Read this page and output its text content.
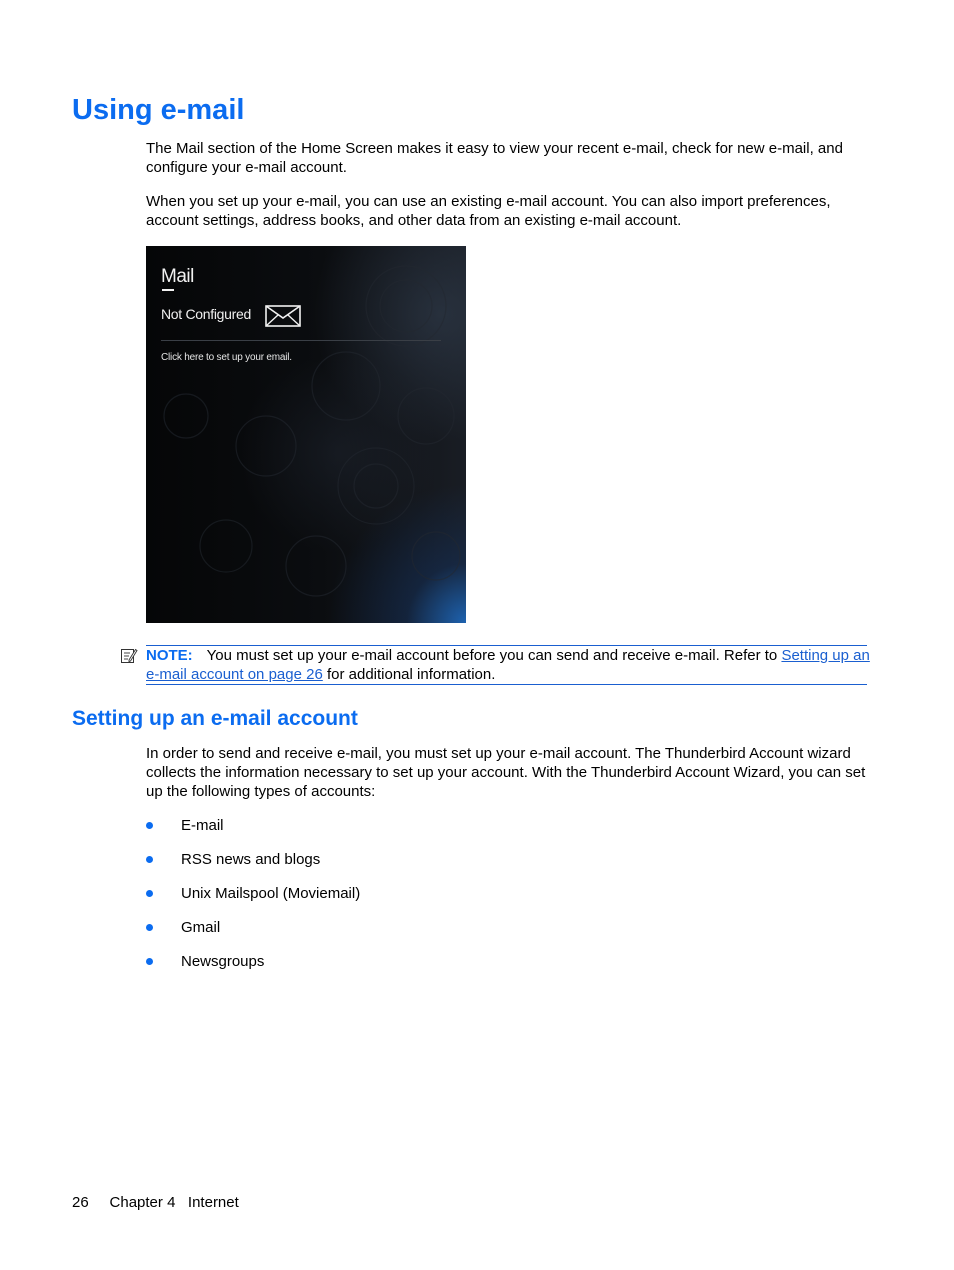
Using e-mail

The Mail section of the Home Screen makes it easy to view your recent e-mail, check for new e-mail, and configure your e-mail account.

When you set up your e-mail, you can use an existing e-mail account. You can also import preferences, account settings, address books, and other data from an existing e-mail account.

Mail
Not Configured
Click here to set up your email.

NOTE: You must set up your e-mail account before you can send and receive e-mail. Refer to Setting up an e-mail account on page 26 for additional information.

Setting up an e-mail account

In order to send and receive e-mail, you must set up your e-mail account. The Thunderbird Account wizard collects the information necessary to set up your account. With the Thunderbird Account Wizard, you can set up the following types of accounts:

E-mail
RSS news and blogs
Unix Mailspool (Moviemail)
Gmail
Newsgroups
26 Chapter 4 Internet
